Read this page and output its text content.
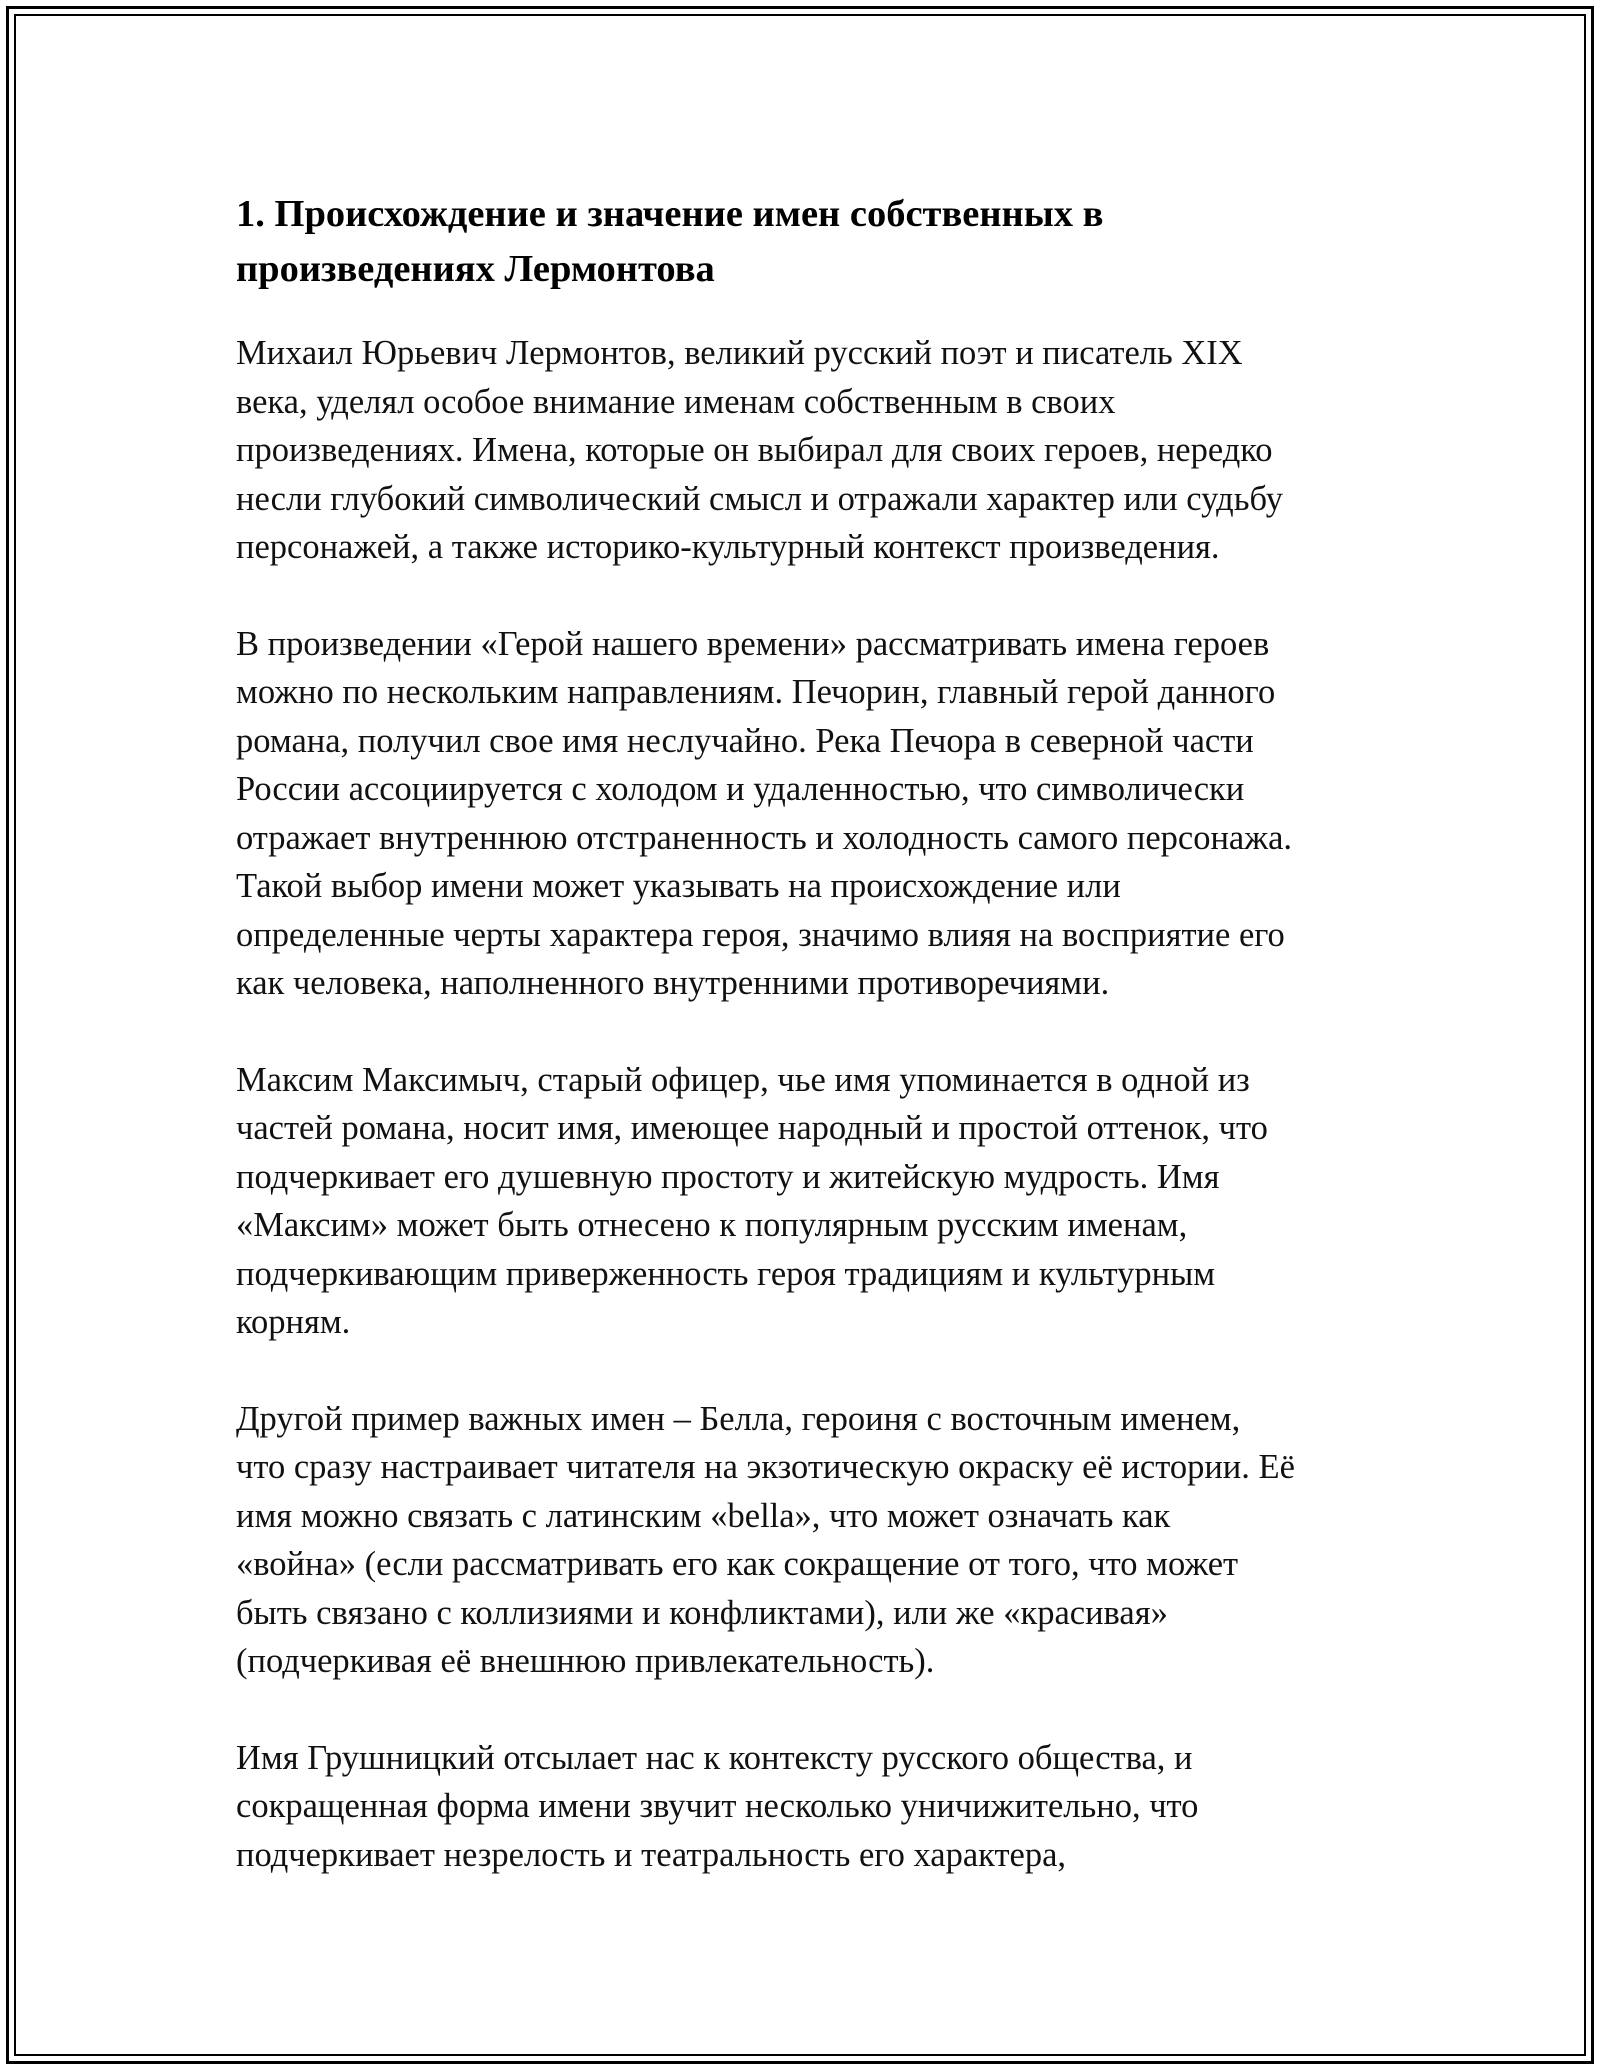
1. Происхождение и значение имен собственных в
произведениях Лермонтова

Михаил Юрьевич Лермонтов, великий русский поэт и писатель XIX
века, уделял особое внимание именам собственным в своих
произведениях. Имена, которые он выбирал для своих героев, нередко
несли глубокий символический смысл и отражали характер или судьбу
персонажей, а также историко-культурный контекст произведения.

В произведении «Герой нашего времени» рассматривать имена героев
можно по нескольким направлениям. Печорин, главный герой данного
романа, получил свое имя неслучайно. Река Печора в северной части
России ассоциируется с холодом и удаленностью, что символически
отражает внутреннюю отстраненность и холодность самого персонажа.
Такой выбор имени может указывать на происхождение или
определенные черты характера героя, значимо влияя на восприятие его
как человека, наполненного внутренними противоречиями.

Максим Максимыч, старый офицер, чье имя упоминается в одной из
частей романа, носит имя, имеющее народный и простой оттенок, что
подчеркивает его душевную простоту и житейскую мудрость. Имя
«Максим» может быть отнесено к популярным русским именам,
подчеркивающим приверженность героя традициям и культурным
корням.

Другой пример важных имен – Белла, героиня с восточным именем,
что сразу настраивает читателя на экзотическую окраску её истории. Её
имя можно связать с латинским «bella», что может означать как
«война» (если рассматривать его как сокращение от того, что может
быть связано с коллизиями и конфликтами), или же «красивая»
(подчеркивая её внешнюю привлекательность).

Имя Грушницкий отсылает нас к контексту русского общества, и
сокращенная форма имени звучит несколько уничижительно, что
подчеркивает незрелость и театральность его характера,
